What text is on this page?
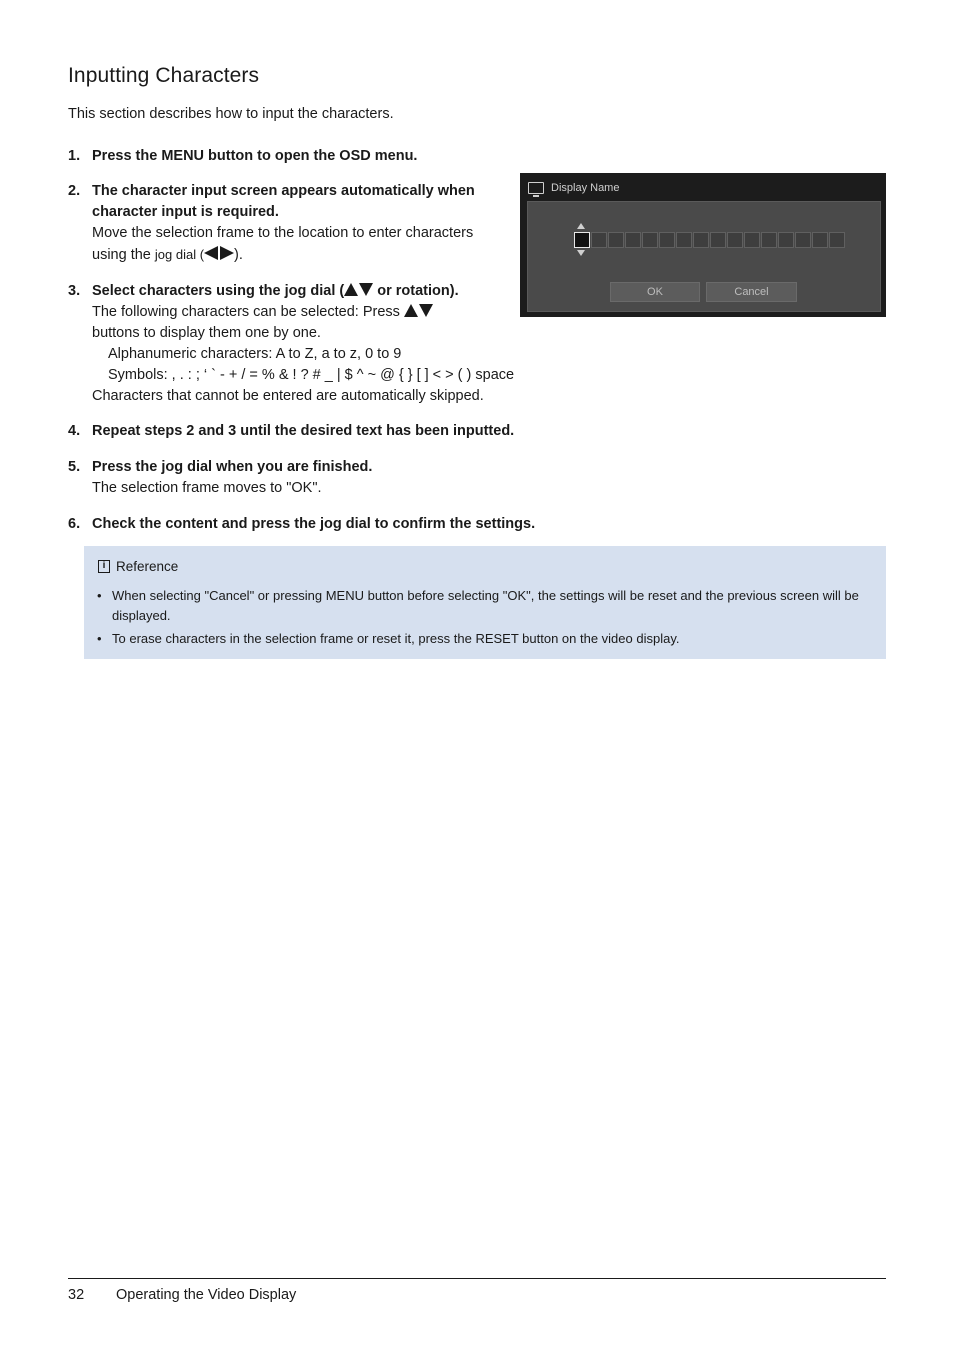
Inputting Characters
This section describes how to input the characters.
1. Press the MENU button to open the OSD menu.
2. The character input screen appears automatically when
character input is required.
Move the selection frame to the location to enter characters
using the jog dial ( ).
Display Name
OK	Cancel
3. Select characters using the jog dial ( or rotation).
The following characters can be selected: Press
buttons to display them one by one.
Alphanumeric characters: A to Z, a to z, 0 to 9
Symbols: , . : ; ‘ ` - + / = % & ! ? # _ | $ ^ ~ @ { } [ ] < > ( ) space
Characters that cannot be entered are automatically skipped.
4. Repeat steps 2 and 3 until the desired text has been inputted.
5. Press the jog dial when you are finished.
The selection frame moves to "OK".
6. Check the content and press the jog dial to confirm the settings.
i Reference
• When selecting "Cancel" or pressing MENU button before selecting "OK", the settings will be reset and the previous screen will be displayed.
• To erase characters in the selection frame or reset it, press the RESET button on the video display.
32 Operating the Video Display
